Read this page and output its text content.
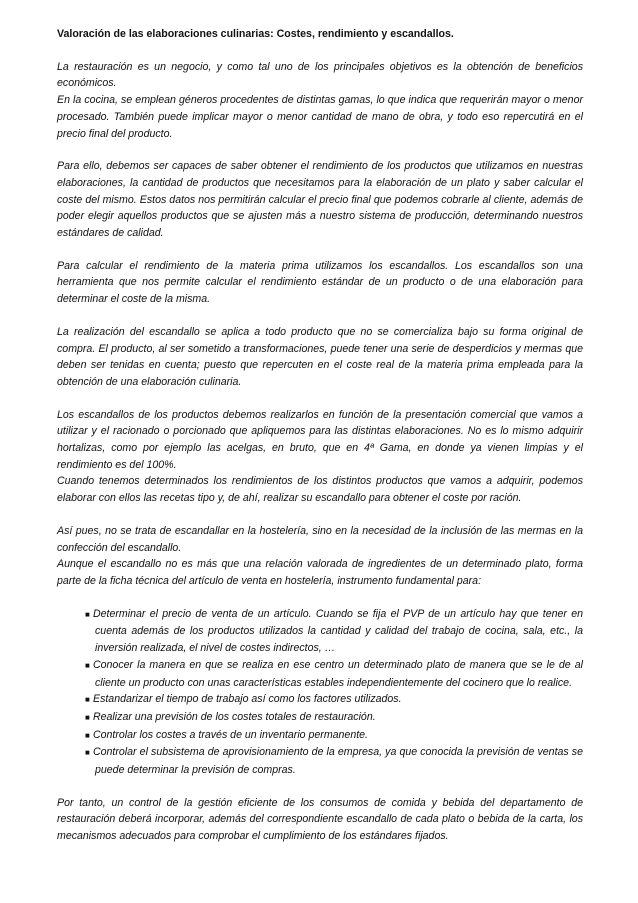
Valoración de las elaboraciones culinarias: Costes, rendimiento y escandallos.

La restauración es un negocio, y como tal uno de los principales objetivos es la obtención de beneficios económicos.

En la cocina, se emplean géneros procedentes de distintas gamas, lo que indica que requerirán mayor o menor procesado. También puede implicar mayor o menor cantidad de mano de obra, y todo eso repercutirá en el precio final del producto.

Para ello, debemos ser capaces de saber obtener el rendimiento de los productos que utilizamos en nuestras elaboraciones, la cantidad de productos que necesitamos para la elaboración de un plato y saber calcular el coste del mismo. Estos datos nos permitirán calcular el precio final que podemos cobrarle al cliente, además de poder elegir aquellos productos que se ajusten más a nuestro sistema de producción, determinando nuestros estándares de calidad.

Para calcular el rendimiento de la materia prima utilizamos los escandallos. Los escandallos son una herramienta que nos permite calcular el rendimiento estándar de un producto o de una elaboración para determinar el coste de la misma.

La realización del escandallo se aplica a todo producto que no se comercializa bajo su forma original de compra. El producto, al ser sometido a transformaciones, puede tener una serie de desperdicios y mermas que deben ser tenidas en cuenta; puesto que repercuten en el coste real de la materia prima empleada para la obtención de una elaboración culinaria.

Los escandallos de los productos debemos realizarlos en función de la presentación comercial que vamos a utilizar y el racionado o porcionado que apliquemos para las distintas elaboraciones. No es lo mismo adquirir hortalizas, como por ejemplo las acelgas, en bruto, que en 4ª Gama, en donde ya vienen limpias y el rendimiento es del 100%.

Cuando tenemos determinados los rendimientos de los distintos productos que vamos a adquirir, podemos elaborar con ellos las recetas tipo y, de ahí, realizar su escandallo para obtener el coste por ración.

Así pues, no se trata de escandallar en la hostelería, sino en la necesidad de la inclusión de las mermas en la confección del escandallo.

Aunque el escandallo no es más que una relación valorada de ingredientes de un determinado plato, forma parte de la ficha técnica del artículo de venta en hostelería, instrumento fundamental para:

■ Determinar el precio de venta de un artículo. Cuando se fija el PVP de un artículo hay que tener en cuenta además de los productos utilizados la cantidad y calidad del trabajo de cocina, sala, etc., la inversión realizada, el nivel de costes indirectos, …
■ Conocer la manera en que se realiza en ese centro un determinado plato de manera que se le de al cliente un producto con unas características estables independientemente del cocinero que lo realice.
■ Estandarizar el tiempo de trabajo así como los factores utilizados.
■ Realizar una previsión de los costes totales de restauración.
■ Controlar los costes a través de un inventario permanente.
■ Controlar el subsistema de aprovisionamiento de la empresa, ya que conocida la previsión de ventas se puede determinar la previsión de compras.

Por tanto, un control de la gestión eficiente de los consumos de comida y bebida del departamento de restauración deberá incorporar, además del correspondiente escandallo de cada plato o bebida de la carta, los mecanismos adecuados para comprobar el cumplimiento de los estándares fijados.
